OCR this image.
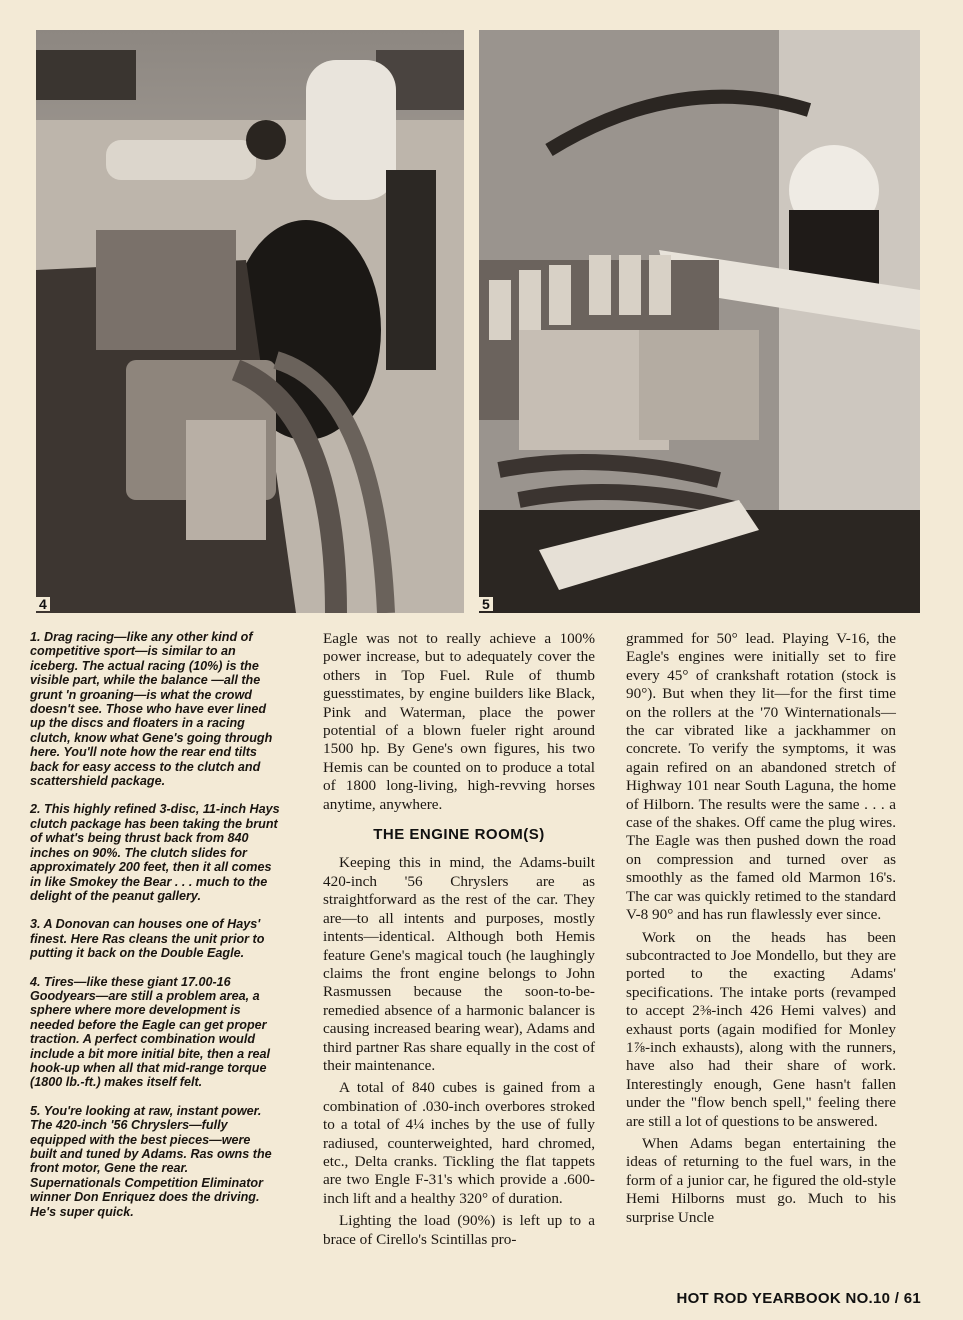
4	5

1. Drag racing—like any other kind of competitive sport—is similar to an iceberg. The actual racing (10%) is the visible part, while the balance —all the grunt 'n groaning—is what the crowd doesn't see. Those who have ever lined up the discs and floaters in a racing clutch, know what Gene's going through here. You'll note how the rear end tilts back for easy access to the clutch and scattershield package.

2. This highly refined 3-disc, 11-inch Hays clutch package has been taking the brunt of what's being thrust back from 840 inches on 90%. The clutch slides for approximately 200 feet, then it all comes in like Smokey the Bear . . . much to the delight of the peanut gallery.

3. A Donovan can houses one of Hays' finest. Here Ras cleans the unit prior to putting it back on the Double Eagle.

4. Tires—like these giant 17.00-16 Goodyears—are still a problem area, a sphere where more development is needed before the Eagle can get proper traction. A perfect combination would include a bit more initial bite, then a real hook-up when all that mid-range torque (1800 lb.-ft.) makes itself felt.

5. You're looking at raw, instant power. The 420-inch '56 Chryslers—fully equipped with the best pieces—were built and tuned by Adams. Ras owns the front motor, Gene the rear. Supernationals Competition Eliminator winner Don Enriquez does the driving. He's super quick.

Eagle was not to really achieve a 100% power increase, but to adequately cover the others in Top Fuel. Rule of thumb guesstimates, by engine builders like Black, Pink and Waterman, place the power potential of a blown fueler right around 1500 hp. By Gene's own figures, his two Hemis can be counted on to produce a total of 1800 long-living, high-revving horses anytime, anywhere.

THE ENGINE ROOM(S)

Keeping this in mind, the Adams-built 420-inch '56 Chryslers are as straightforward as the rest of the car. They are—to all intents and purposes, mostly intents—identical. Although both Hemis feature Gene's magical touch (he laughingly claims the front engine belongs to John Rasmussen because the soon-to-be-remedied absence of a harmonic balancer is causing increased bearing wear), Adams and third partner Ras share equally in the cost of their maintenance.

A total of 840 cubes is gained from a combination of .030-inch overbores stroked to a total of 4¼ inches by the use of fully radiused, counterweighted, hard chromed, etc., Delta cranks. Tickling the flat tappets are two Engle F-31's which provide a .600-inch lift and a healthy 320° of duration.

Lighting the load (90%) is left up to a brace of Cirello's Scintillas pro-

grammed for 50° lead. Playing V-16, the Eagle's engines were initially set to fire every 45° of crankshaft rotation (stock is 90°). But when they lit—for the first time on the rollers at the '70 Winternationals—the car vibrated like a jackhammer on concrete. To verify the symptoms, it was again refired on an abandoned stretch of Highway 101 near South Laguna, the home of Hilborn. The results were the same . . . a case of the shakes. Off came the plug wires. The Eagle was then pushed down the road on compression and turned over as smoothly as the famed old Marmon 16's. The car was quickly retimed to the standard V-8 90° and has run flawlessly ever since.

Work on the heads has been subcontracted to Joe Mondello, but they are ported to the exacting Adams' specifications. The intake ports (revamped to accept 2⅜-inch 426 Hemi valves) and exhaust ports (again modified for Monley 1⅞-inch exhausts), along with the runners, have also had their share of work. Interestingly enough, Gene hasn't fallen under the "flow bench spell," feeling there are still a lot of questions to be answered.

When Adams began entertaining the ideas of returning to the fuel wars, in the form of a junior car, he figured the old-style Hemi Hilborns must go. Much to his surprise Uncle

HOT ROD YEARBOOK NO.10 / 61
